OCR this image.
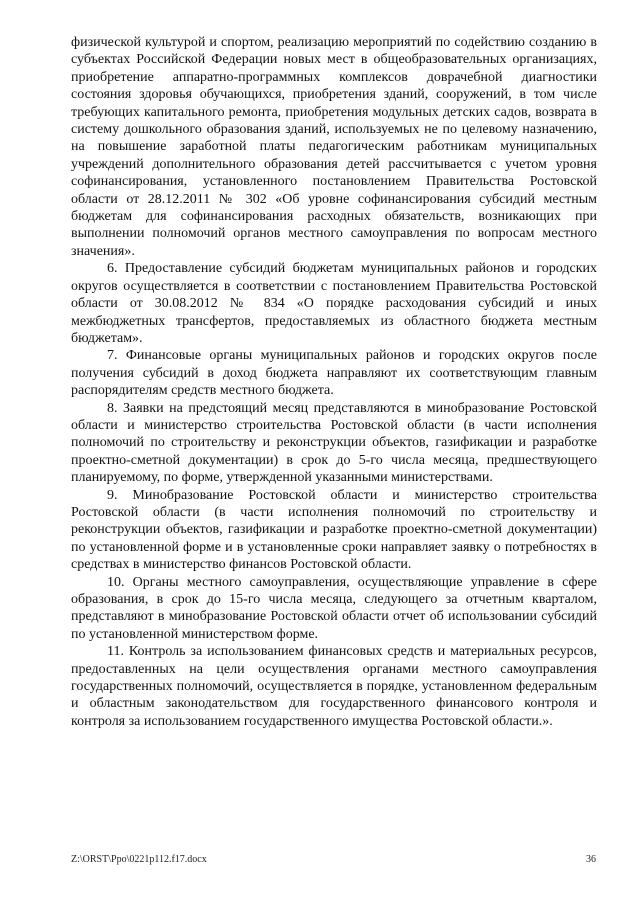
физической культурой и спортом, реализацию мероприятий по содействию созданию в субъектах Российской Федерации новых мест в общеобразовательных организациях, приобретение аппаратно-программных комплексов доврачебной диагностики состояния здоровья обучающихся, приобретения зданий, сооружений, в том числе требующих капитального ремонта, приобретения модульных детских садов, возврата в систему дошкольного образования зданий, используемых не по целевому назначению, на повышение заработной платы педагогическим работникам муниципальных учреждений дополнительного образования детей рассчитывается с учетом уровня софинансирования, установленного постановлением Правительства Ростовской области от 28.12.2011 № 302 «Об уровне софинансирования субсидий местным бюджетам для софинансирования расходных обязательств, возникающих при выполнении полномочий органов местного самоуправления по вопросам местного значения».

6. Предоставление субсидий бюджетам муниципальных районов и городских округов осуществляется в соответствии с постановлением Правительства Ростовской области от 30.08.2012 № 834 «О порядке расходования субсидий и иных межбюджетных трансфертов, предоставляемых из областного бюджета местным бюджетам».

7. Финансовые органы муниципальных районов и городских округов после получения субсидий в доход бюджета направляют их соответствующим главным распорядителям средств местного бюджета.

8. Заявки на предстоящий месяц представляются в минобразование Ростовской области и министерство строительства Ростовской области (в части исполнения полномочий по строительству и реконструкции объектов, газификации и разработке проектно-сметной документации) в срок до 5-го числа месяца, предшествующего планируемому, по форме, утвержденной указанными министерствами.

9. Минобразование Ростовской области и министерство строительства Ростовской области (в части исполнения полномочий по строительству и реконструкции объектов, газификации и разработке проектно-сметной документации) по установленной форме и в установленные сроки направляет заявку о потребностях в средствах в министерство финансов Ростовской области.

10. Органы местного самоуправления, осуществляющие управление в сфере образования, в срок до 15-го числа месяца, следующего за отчетным кварталом, представляют в минобразование Ростовской области отчет об использовании субсидий по установленной министерством форме.

11. Контроль за использованием финансовых средств и материальных ресурсов, предоставленных на цели осуществления органами местного самоуправления государственных полномочий, осуществляется в порядке, установленном федеральным и областным законодательством для государственного финансового контроля и контроля за использованием государственного имущества Ростовской области.».

Z:\ORST\Ppo\0221p112.f17.docx	36
